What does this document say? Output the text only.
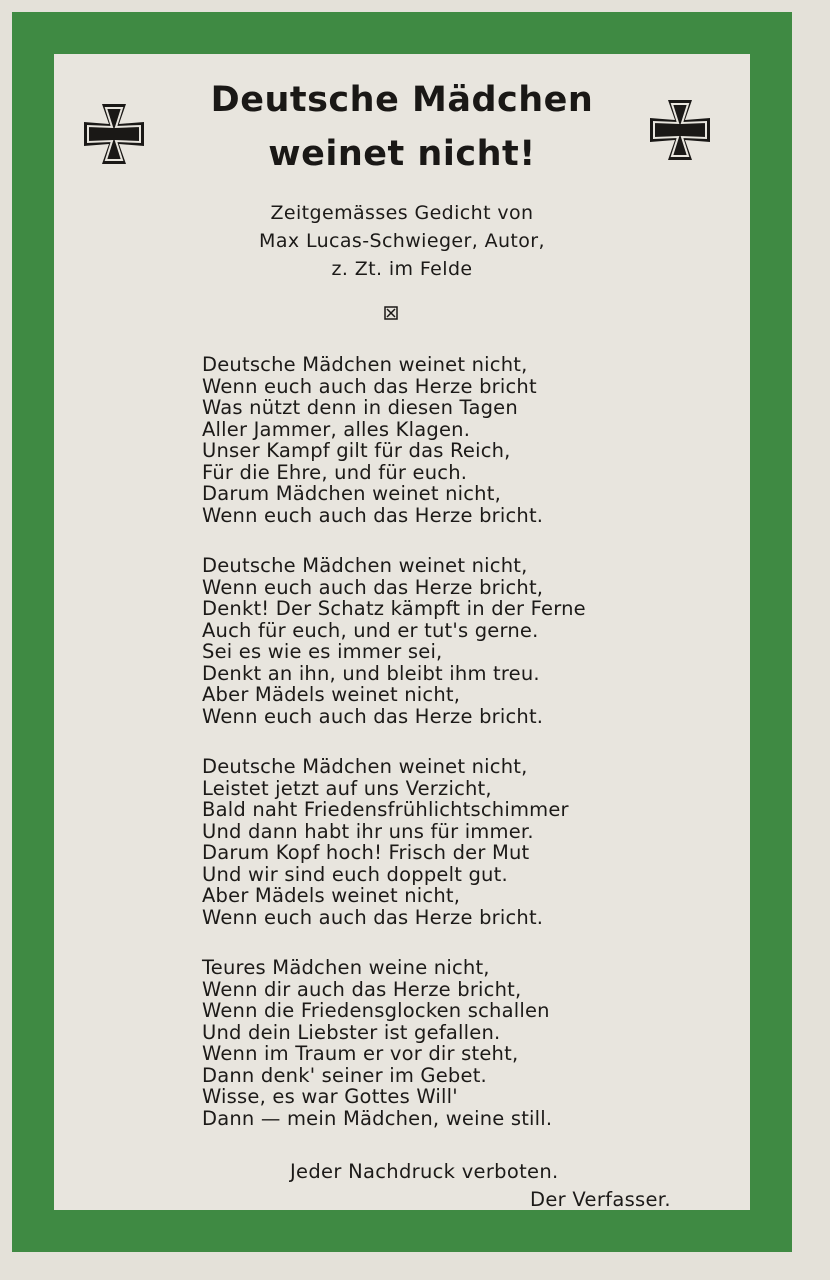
Deutsche Mädchen
weinet nicht!
Zeitgemässes Gedicht von
Max Lucas-Schwieger, Autor,
z. Zt. im Felde
Deutsche Mädchen weinet nicht,
Wenn euch auch das Herze bricht
Was nützt denn in diesen Tagen
Aller Jammer, alles Klagen.
Unser Kampf gilt für das Reich,
Für die Ehre, und für euch.
Darum Mädchen weinet nicht,
Wenn euch auch das Herze bricht.
Deutsche Mädchen weinet nicht,
Wenn euch auch das Herze bricht,
Denkt! Der Schatz kämpft in der Ferne
Auch für euch, und er tut's gerne.
Sei es wie es immer sei,
Denkt an ihn, und bleibt ihm treu.
Aber Mädels weinet nicht,
Wenn euch auch das Herze bricht.
Deutsche Mädchen weinet nicht,
Leistet jetzt auf uns Verzicht,
Bald naht Friedensfrühlichtschimmer
Und dann habt ihr uns für immer.
Darum Kopf hoch! Frisch der Mut
Und wir sind euch doppelt gut.
Aber Mädels weinet nicht,
Wenn euch auch das Herze bricht.
Teures Mädchen weine nicht,
Wenn dir auch das Herze bricht,
Wenn die Friedensglocken schallen
Und dein Liebster ist gefallen.
Wenn im Traum er vor dir steht,
Dann denk' seiner im Gebet.
Wisse, es war Gottes Will'
Dann — mein Mädchen, weine still.
Jeder Nachdruck verboten.
Der Verfasser.
